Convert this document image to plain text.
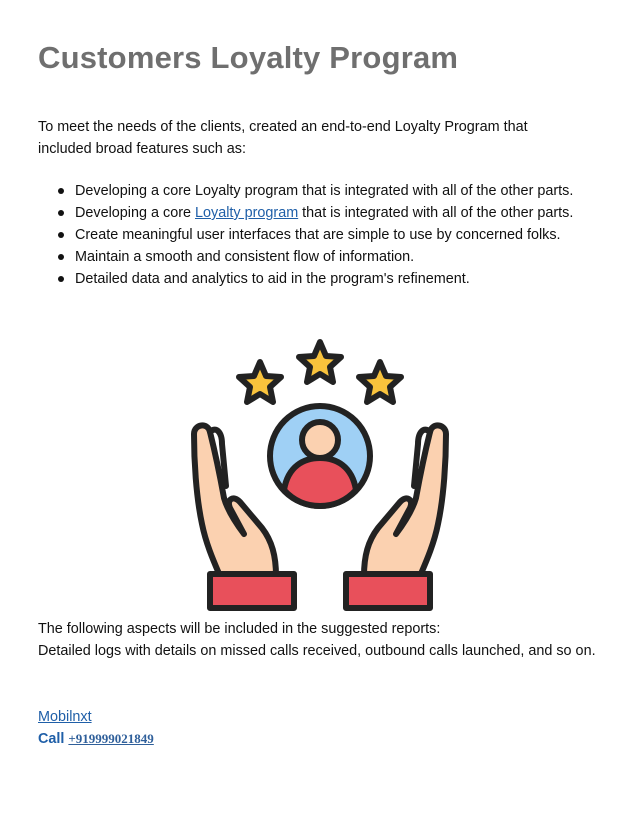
Customers Loyalty Program

To meet the needs of the clients, created an end-to-end Loyalty Program that
included broad features such as:

Developing a core Loyalty program that is integrated with all of the other parts.
Developing a core Loyalty program that is integrated with all of the other parts.
Create meaningful user interfaces that are simple to use by concerned folks.
Maintain a smooth and consistent flow of information.
Detailed data and analytics to aid in the program's refinement.

The following aspects will be included in the suggested reports:
Detailed logs with details on missed calls received, outbound calls launched, and so on.

Mobilnxt
Call +919999021849
